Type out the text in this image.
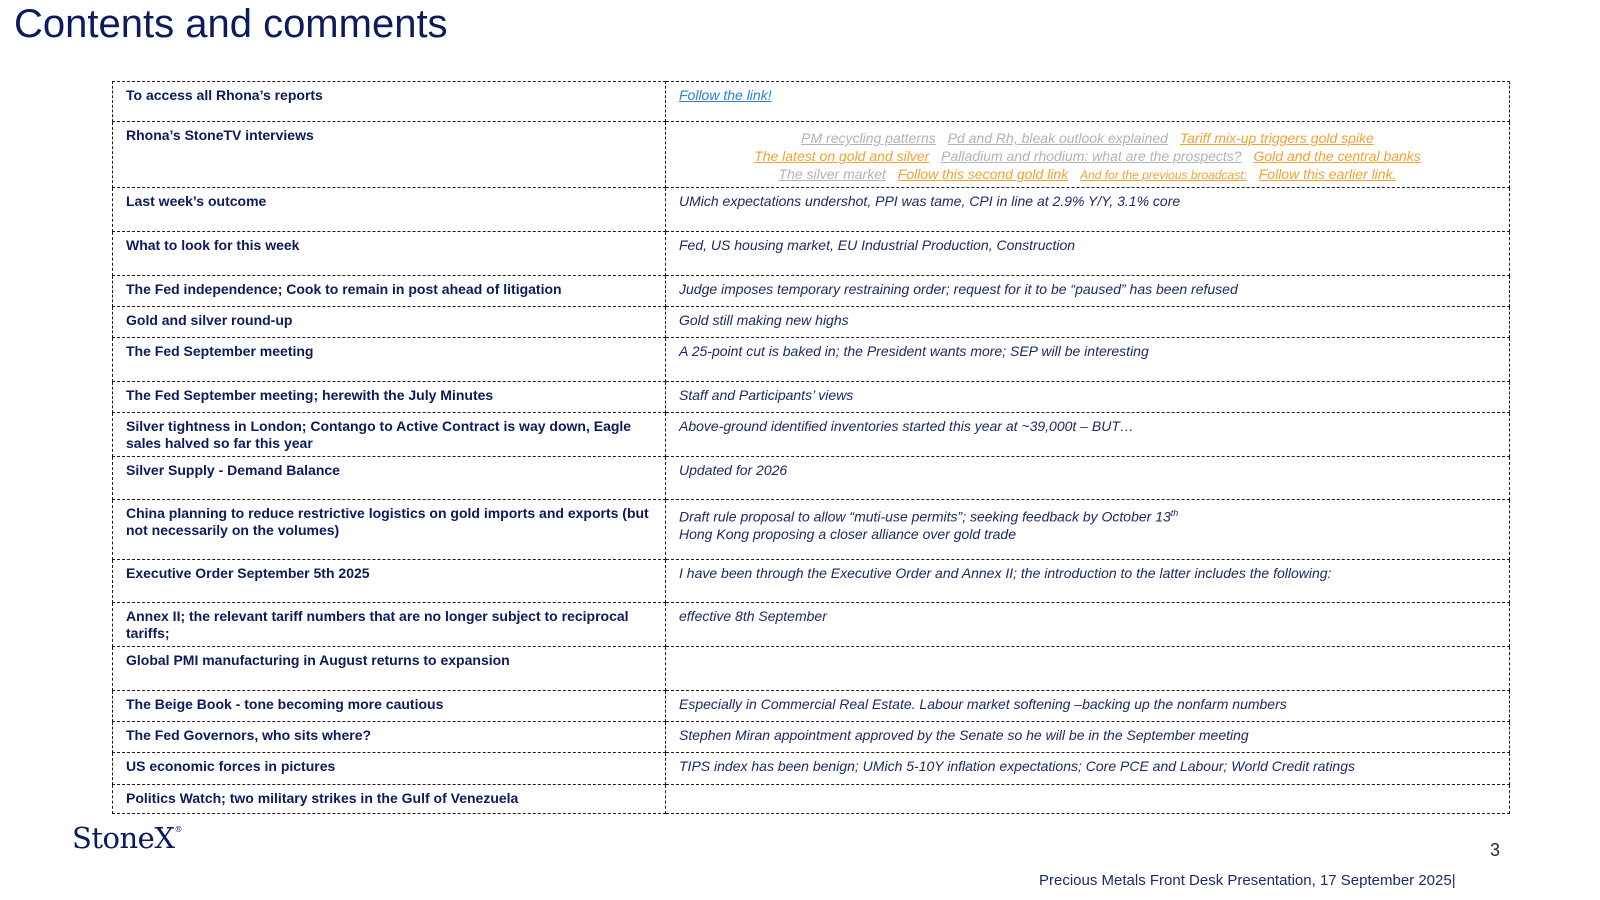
Contents and comments
To access all Rhona’s reports	Follow the link!
Rhona’s StoneTV interviews	PM recycling patterns Pd and Rh, bleak outlook explained Tariff mix-up triggers gold spike
The latest on gold and silver Palladium and rhodium: what are the prospects? Gold and the central banks
The silver market Follow this second gold link And for the previous broadcast: Follow this earlier link.

Last week’s outcome	UMich expectations undershot, PPI was tame, CPI in line at 2.9% Y/Y, 3.1% core
What to look for this week	Fed, US housing market, EU Industrial Production, Construction
The Fed independence; Cook to remain in post ahead of litigation	Judge imposes temporary restraining order; request for it to be “paused” has been refused
Gold and silver round-up	Gold still making new highs
The Fed September meeting	A 25-point cut is baked in; the President wants more; SEP will be interesting
The Fed September meeting; herewith the July Minutes	Staff and Participants’ views
Silver tightness in London; Contango to Active Contract is way down, Eagle sales halved so far this year	Above-ground identified inventories started this year at ~39,000t – BUT…
Silver Supply - Demand Balance	Updated for 2026
China planning to reduce restrictive logistics on gold imports and exports (but not necessarily on the volumes)	Draft rule proposal to allow “muti-use permits”; seeking feedback by October 13th
Hong Kong proposing a closer alliance over gold trade

Executive Order September 5th 2025	I have been through the Executive Order and Annex II; the introduction to the latter includes the following:
Annex II; the relevant tariff numbers that are no longer subject to reciprocal tariffs;	effective 8th September
Global PMI manufacturing in August returns to expansion	
The Beige Book - tone becoming more cautious	Especially in Commercial Real Estate. Labour market softening –backing up the nonfarm numbers
The Fed Governors, who sits where?	Stephen Miran appointment approved by the Senate so he will be in the September meeting
US economic forces in pictures	TIPS index has been benign; UMich 5-10Y inflation expectations; Core PCE and Labour; World Credit ratings
Politics Watch; two military strikes in the Gulf of Venezuela	
StoneX®
3
Precious Metals Front Desk Presentation, 17 September 2025|
